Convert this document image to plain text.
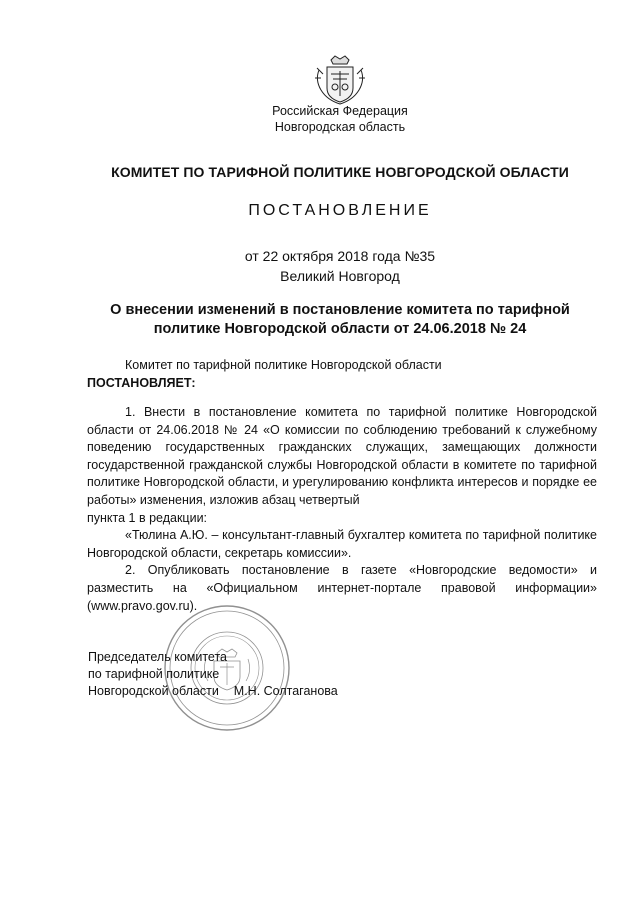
Российская Федерация
Новгородская область
КОМИТЕТ ПО ТАРИФНОЙ ПОЛИТИКЕ НОВГОРОДСКОЙ ОБЛАСТИ
ПОСТАНОВЛЕНИЕ
от 22 октября 2018 года №35
Великий Новгород
О внесении изменений в постановление комитета по тарифной
политике Новгородской области от 24.06.2018 № 24
Комитет по тарифной политике Новгородской области
ПОСТАНОВЛЯЕТ:

1. Внести в постановление комитета по тарифной политике Новгородской области от 24.06.2018 № 24 «О комиссии по соблюдению требований к служебному поведению государственных гражданских служащих, замещающих должности государственной гражданской службы Новгородской области в комитете по тарифной политике Новгородской области, и урегулированию конфликта интересов и порядке ее работы» изменения, изложив абзац четвертый

пункта 1 в редакции:

«Тюлина А.Ю. – консультант-главный бухгалтер комитета по тарифной политике Новгородской области, секретарь комиссии».

2. Опубликовать постановление в газете «Новгородские ведомости» и разместить на «Официальном интернет-портале правовой информации» (www.pravo.gov.ru).

Председатель комитета
по тарифной политике
Новгородской области М.Н. Солтаганова
